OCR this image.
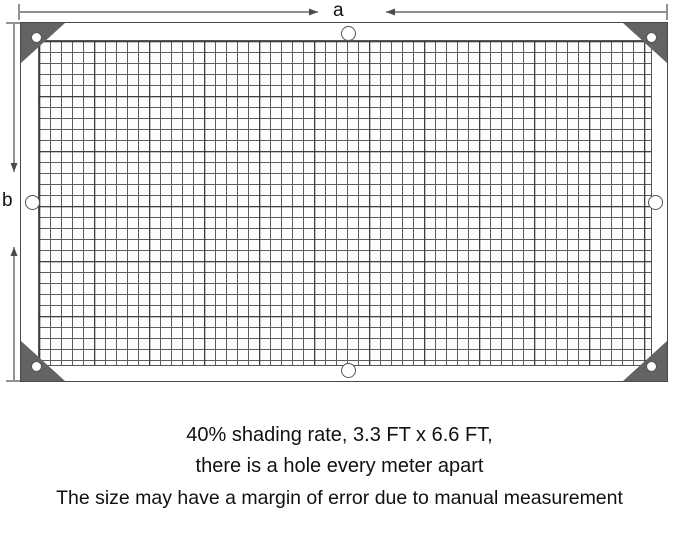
a
b
40% shading rate, 3.3 FT x 6.6 FT,
there is a hole every meter apart
The size may have a margin of error due to manual measurement
